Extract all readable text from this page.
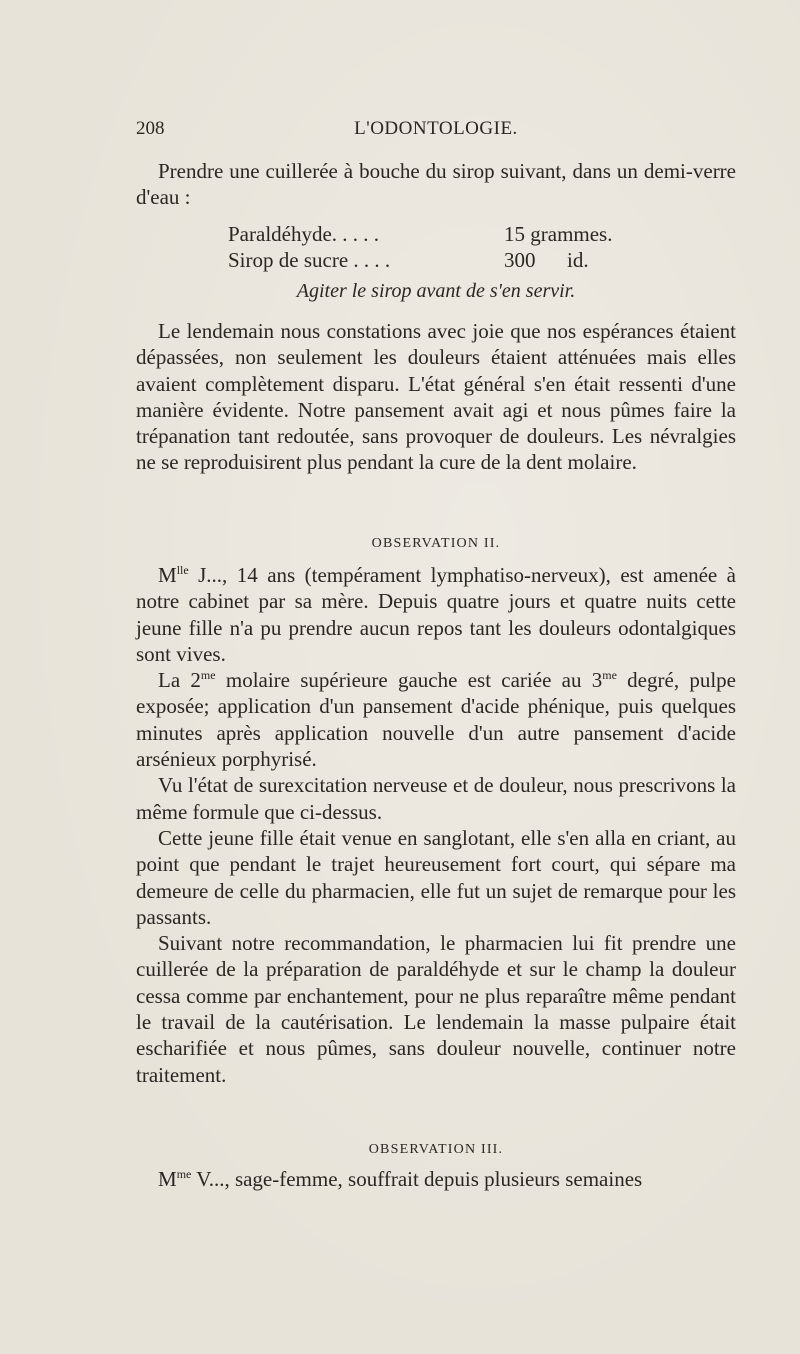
208	L'ODONTOLOGIE.

Prendre une cuillerée à bouche du sirop suivant, dans un demi-verre d'eau :

Paraldéhyde. . . . .	15 grammes.
Sirop de sucre . . . .	300      id.
Agiter le sirop avant de s'en servir.

Le lendemain nous constations avec joie que nos espérances étaient dépassées, non seulement les douleurs étaient atténuées mais elles avaient complètement disparu. L'état général s'en était ressenti d'une manière évidente. Notre pansement avait agi et nous pûmes faire la trépanation tant redoutée, sans provoquer de douleurs. Les névralgies ne se reproduisirent plus pendant la cure de la dent molaire.

OBSERVATION II.

$M^{lle}$ J..., 14 ans (tempérament lymphatiso-nerveux), est amenée à notre cabinet par sa mère. Depuis quatre jours et quatre nuits cette jeune fille n'a pu prendre aucun repos tant les douleurs odontalgiques sont vives.

La $2^{me}$ molaire supérieure gauche est cariée au $3^{me}$ degré, pulpe exposée; application d'un pansement d'acide phénique, puis quelques minutes après application nouvelle d'un autre pansement d'acide arsénieux porphyrisé.

Vu l'état de surexcitation nerveuse et de douleur, nous prescrivons la même formule que ci-dessus.

Cette jeune fille était venue en sanglotant, elle s'en alla en criant, au point que pendant le trajet heureusement fort court, qui sépare ma demeure de celle du pharmacien, elle fut un sujet de remarque pour les passants.

Suivant notre recommandation, le pharmacien lui fit prendre une cuillerée de la préparation de paraldéhyde et sur le champ la douleur cessa comme par enchantement, pour ne plus reparaître même pendant le travail de la cautérisation. Le lendemain la masse pulpaire était escharifiée et nous pûmes, sans douleur nouvelle, continuer notre traitement.

OBSERVATION III.

$M^{me}$ V..., sage-femme, souffrait depuis plusieurs semaines
